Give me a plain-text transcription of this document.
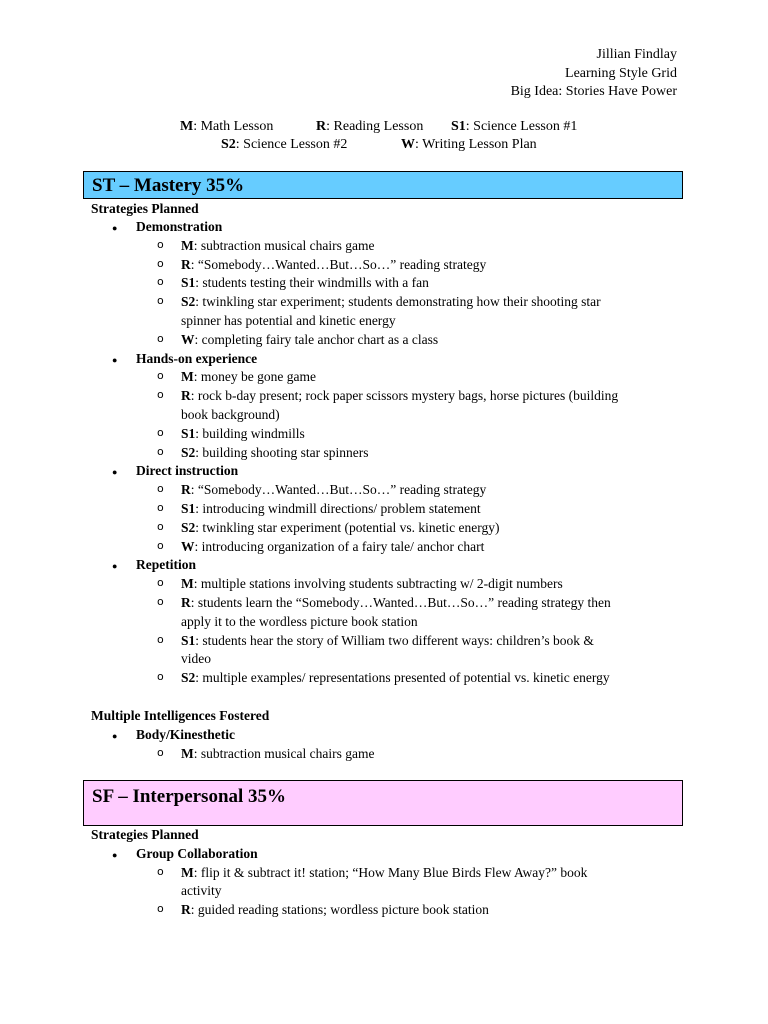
Jillian Findlay
Learning Style Grid
Big Idea: Stories Have Power
M: Math Lesson	R: Reading Lesson S1: Science Lesson #1
S2: Science Lesson #2	W: Writing Lesson Plan
ST – Mastery 35%
SF – Interpersonal 35%
Strategies Planned
● Demonstration
o M: subtraction musical chairs game
o R: “Somebody…Wanted…But…So…” reading strategy
o S1: students testing their windmills with a fan
o S2: twinkling star experiment; students demonstrating how their shooting star
spinner has potential and kinetic energy
o W: completing fairy tale anchor chart as a class
● Hands-on experience
o M: money be gone game
o R: rock b-day present; rock paper scissors mystery bags, horse pictures (building
book background)
o S1: building windmills
o S2: building shooting star spinners
● Direct instruction
o R: “Somebody…Wanted…But…So…” reading strategy
o S1: introducing windmill directions/ problem statement
o S2: twinkling star experiment (potential vs. kinetic energy)
o W: introducing organization of a fairy tale/ anchor chart
● Repetition
o M: multiple stations involving students subtracting w/ 2-digit numbers
o R: students learn the “Somebody…Wanted…But…So…” reading strategy then
apply it to the wordless picture book station
o S1: students hear the story of William two different ways: children’s book &
video
o S2: multiple examples/ representations presented of potential vs. kinetic energy
Multiple Intelligences Fostered
● Body/Kinesthetic
o M: subtraction musical chairs game
Strategies Planned
● Group Collaboration
o M: flip it & subtract it! station; “How Many Blue Birds Flew Away?” book
activity
o R: guided reading stations; wordless picture book station
